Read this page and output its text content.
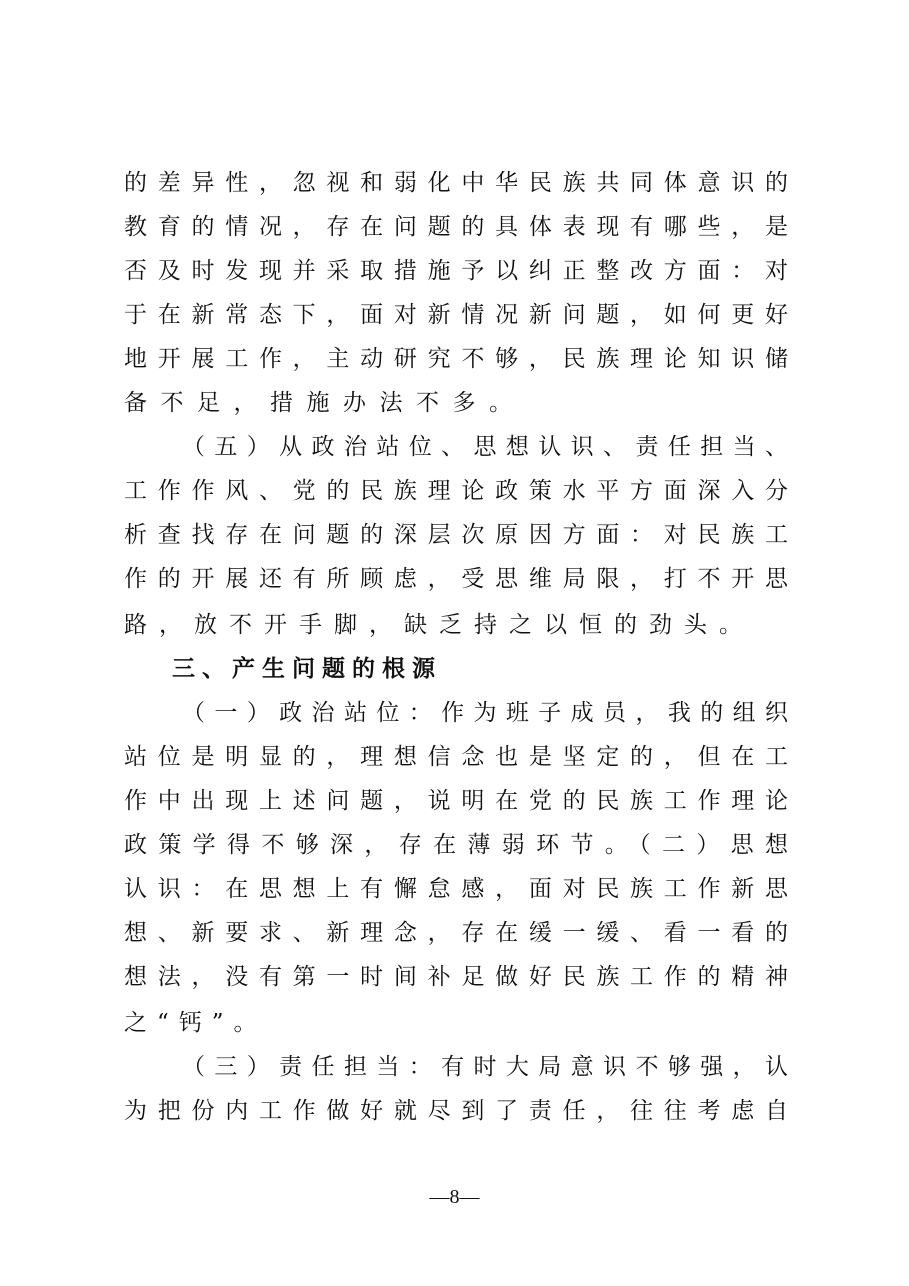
的差异性，忽视和弱化中华民族共同体意识的
教育的情况，存在问题的具体表现有哪些，是
否及时发现并采取措施予以纠正整改方面：对
于在新常态下，面对新情况新问题，如何更好
地开展工作，主动研究不够，民族理论知识储
备不足，措施办法不多。
（五）从政治站位、思想认识、责任担当、
工作作风、党的民族理论政策水平方面深入分
析查找存在问题的深层次原因方面：对民族工
作的开展还有所顾虑，受思维局限，打不开思
路，放不开手脚，缺乏持之以恒的劲头。
三、产生问题的根源
（一）政治站位：作为班子成员，我的组织
站位是明显的，理想信念也是坚定的，但在工
作中出现上述问题，说明在党的民族工作理论
政策学得不够深，存在薄弱环节。（二）思想
认识：在思想上有懈怠感，面对民族工作新思
想、新要求、新理念，存在缓一缓、看一看的
想法，没有第一时间补足做好民族工作的精神
之“钙”。
（三）责任担当：有时大局意识不够强，认
为把份内工作做好就尽到了责任，往往考虑自
—8—
